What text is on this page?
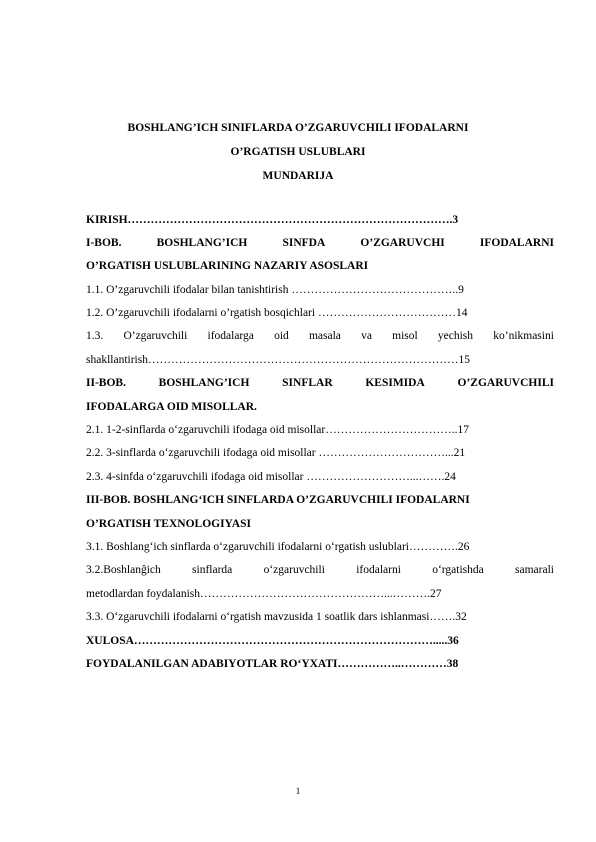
BOSHLANG’ICH SINIFLARDA O’ZGARUVCHILI IFODALARNI
O’RGATISH USLUBLARI
MUNDARIJA
KIRISH………………………………………………………………………….3
I-BOB.	BOSHLANG’ICH	SINFDA	O’ZGARUVCHI	IFODALARNI
O’RGATISH USLUBLARINING NAZARIY ASOSLARI
1.1. O’zgaruvchili ifodalar bilan tanishtirish ……………………………………..9
1.2. O’zgaruvchili ifodalarni o’rgatish bosqichlari ………………………………14
1.3. O’zgaruvchili ifodalarga oid masala va misol yechish ko’nikmasini
shakllantirish………………………………………………………………………15
II-BOB.	BOSHLANG’ICH	SINFLAR	KESIMIDA	O’ZGARUVCHILI
IFODALARGA OID MISOLLAR.
2.1. 1-2-sinflarda o‘zgaruvchili ifodaga oid misollar……………………………..17
2.2. 3-sinflarda o‘zgaruvchili ifodaga oid misollar ……………………………...21
2.3. 4-sinfda o‘zgaruvchili ifodaga oid misollar ………………………...…….24
III-BOB. BOSHLANG‘ICH SINFLARDA O’ZGARUVCHILI IFODALARNI
O’RGATISH TEXNOLOGIYASI
3.1. Boshlang‘ich sinflarda o‘zgaruvchili ifodalarni o‘rgatish uslublari………….26
3.2.Boshlanĝich	sinflarda	o‘zgaruvchili	ifodalarni	o‘rgatishda	samarali
metodlardan foydalanish…………………………………………...……….27
3.3. O‘zgaruvchili ifodalarni o‘rgatish mavzusida 1 soatlik dars ishlanmasi…….32
XULOSA…………………………………………………………………….....36
FOYDALANILGAN ADABIYOTLAR RO‘YXATI……………..…………38
1
